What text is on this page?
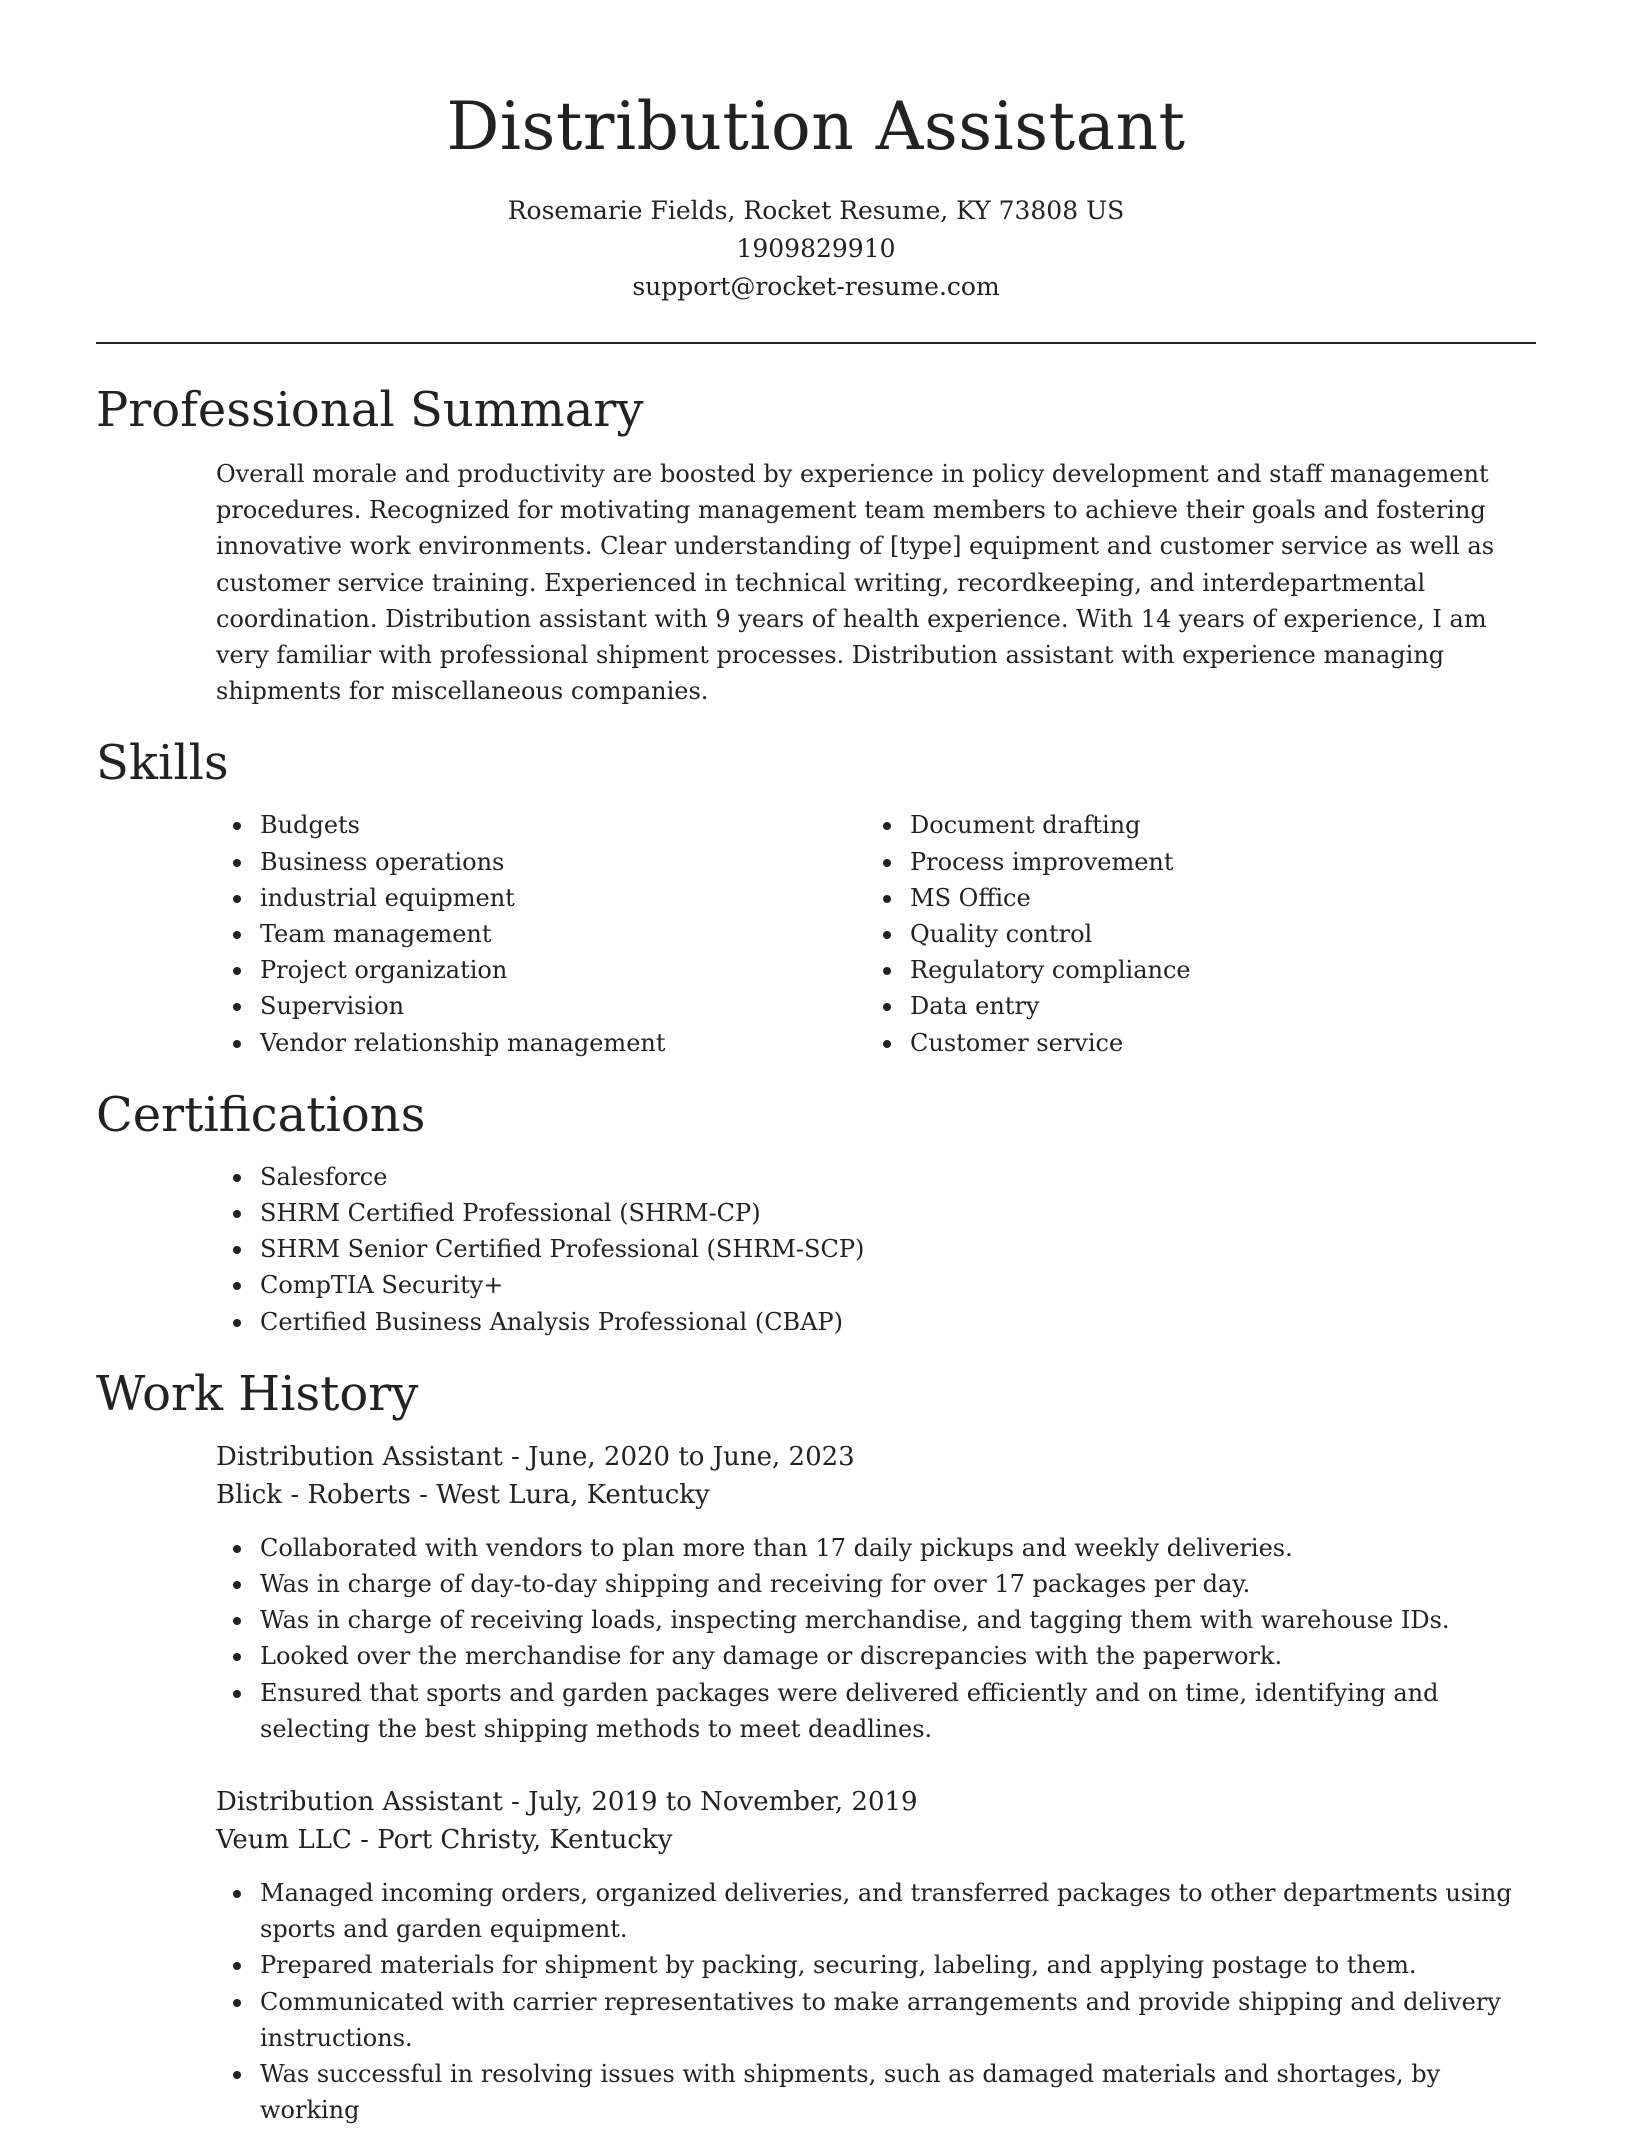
Distribution Assistant
Rosemarie Fields, Rocket Resume, KY 73808 US
1909829910
support@rocket-resume.com
Professional Summary

Overall morale and productivity are boosted by experience in policy development and staff management procedures. Recognized for motivating management team members to achieve their goals and fostering innovative work environments. Clear understanding of [type] equipment and customer service as well as customer service training. Experienced in technical writing, recordkeeping, and interdepartmental coordination. Distribution assistant with 9 years of health experience. With 14 years of experience, I am very familiar with professional shipment processes. Distribution assistant with experience managing shipments for miscellaneous companies.

Skills
Budgets
Business operations
industrial equipment
Team management
Project organization
Supervision
Vendor relationship management
Document drafting
Process improvement
MS Office
Quality control
Regulatory compliance
Data entry
Customer service
Certifications
Salesforce
SHRM Certified Professional (SHRM-CP)
SHRM Senior Certified Professional (SHRM-SCP)
CompTIA Security+
Certified Business Analysis Professional (CBAP)
Work History
Distribution Assistant - June, 2020 to June, 2023
Blick - Roberts - West Lura, Kentucky
Collaborated with vendors to plan more than 17 daily pickups and weekly deliveries.
Was in charge of day-to-day shipping and receiving for over 17 packages per day.
Was in charge of receiving loads, inspecting merchandise, and tagging them with warehouse IDs.
Looked over the merchandise for any damage or discrepancies with the paperwork.
Ensured that sports and garden packages were delivered efficiently and on time, identifying and selecting the best shipping methods to meet deadlines.
Distribution Assistant - July, 2019 to November, 2019
Veum LLC - Port Christy, Kentucky
Managed incoming orders, organized deliveries, and transferred packages to other departments using sports and garden equipment.
Prepared materials for shipment by packing, securing, labeling, and applying postage to them.
Communicated with carrier representatives to make arrangements and provide shipping and delivery instructions.
Was successful in resolving issues with shipments, such as damaged materials and shortages, by working
